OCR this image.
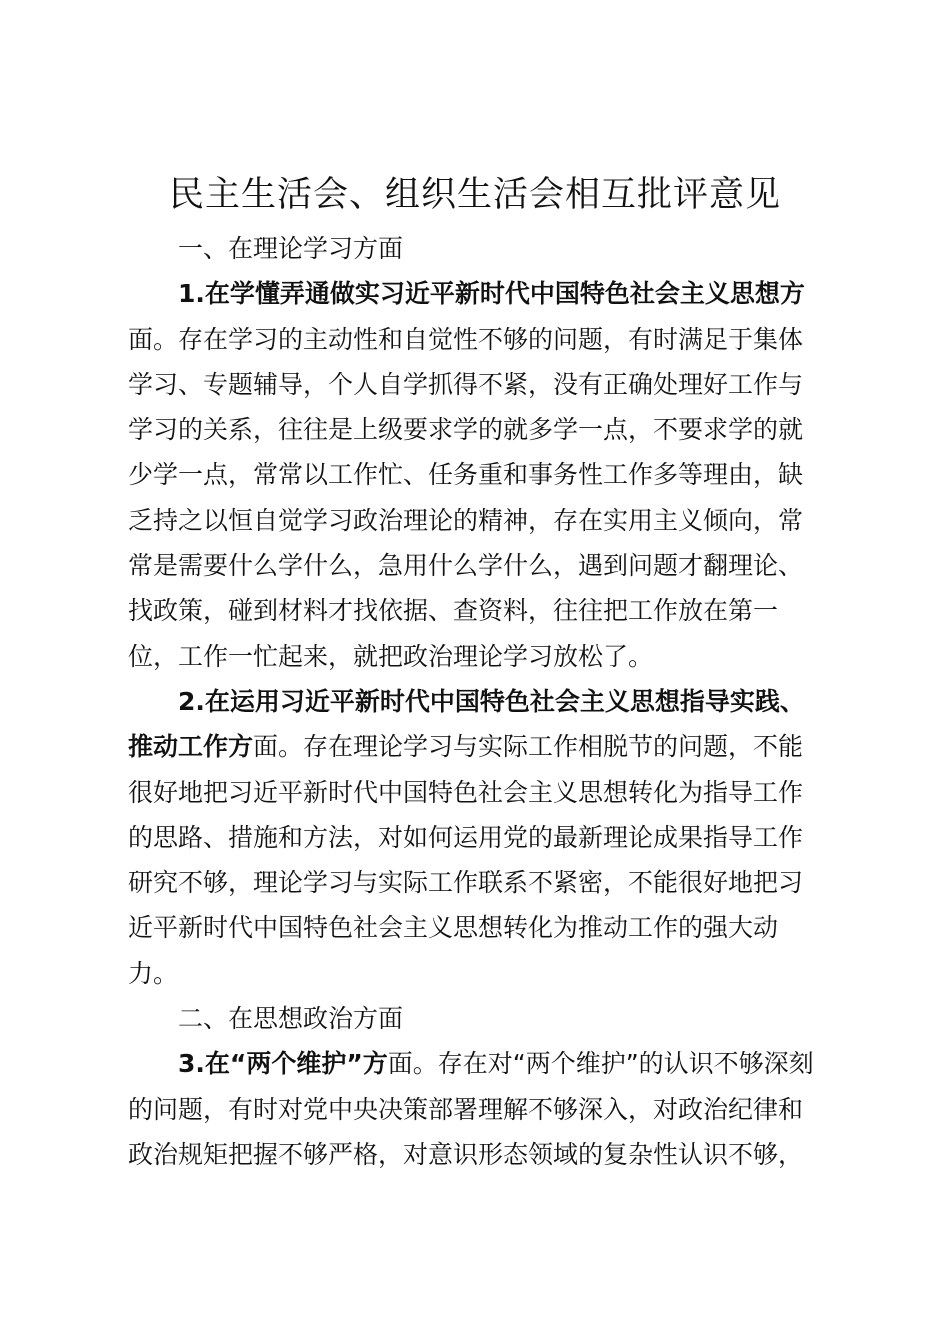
民主生活会、组织生活会相互批评意见

一、在理论学习方面

1.在学懂弄通做实习近平新时代中国特色社会主义思想方
面。存在学习的主动性和自觉性不够的问题，有时满足于集体
学习、专题辅导，个人自学抓得不紧，没有正确处理好工作与
学习的关系，往往是上级要求学的就多学一点，不要求学的就
少学一点，常常以工作忙、任务重和事务性工作多等理由，缺
乏持之以恒自觉学习政治理论的精神，存在实用主义倾向，常
常是需要什么学什么，急用什么学什么，遇到问题才翻理论、
找政策，碰到材料才找依据、查资料，往往把工作放在第一
位，工作一忙起来，就把政治理论学习放松了。

2.在运用习近平新时代中国特色社会主义思想指导实践、
推动工作方面。存在理论学习与实际工作相脱节的问题，不能
很好地把习近平新时代中国特色社会主义思想转化为指导工作
的思路、措施和方法，对如何运用党的最新理论成果指导工作
研究不够，理论学习与实际工作联系不紧密，不能很好地把习
近平新时代中国特色社会主义思想转化为推动工作的强大动
力。

二、在思想政治方面

3.在“两个维护”方面。存在对“两个维护”的认识不够深刻
的问题，有时对党中央决策部署理解不够深入，对政治纪律和
政治规矩把握不够严格，对意识形态领域的复杂性认识不够，
